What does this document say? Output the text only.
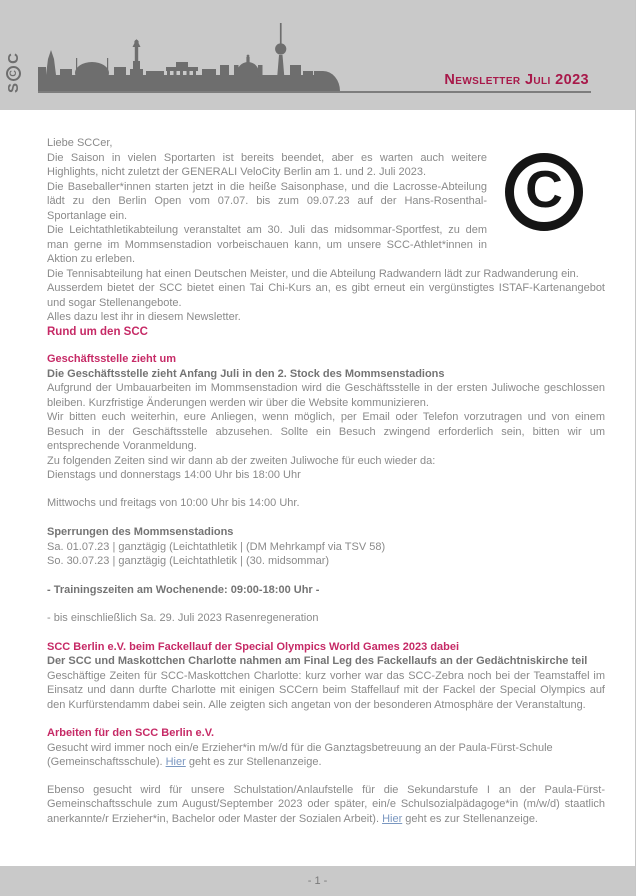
S
C
C
Newsletter Juli 2023

Liebe SCCer,

C

Die Saison in vielen Sportarten ist bereits beendet, aber es warten auch weitere Highlights, nicht zuletzt der GENERALI VeloCity Berlin am 1. und 2. Juli 2023.

Die Baseballer*innen starten jetzt in die heiße Saisonphase, und die Lacrosse-Abteilung lädt zu den Berlin Open vom 07.07. bis zum 09.07.23 auf der Hans-Rosenthal-Sportanlage ein.

Die Leichtathletikabteilung veranstaltet am 30. Juli das midsommar-Sportfest, zu dem man gerne im Mommsenstadion vorbeischauen kann, um unsere SCC-Athlet*innen in Aktion zu erleben.

Die Tennisabteilung hat einen Deutschen Meister, und die Abteilung Radwandern lädt zur Radwanderung ein.

Ausserdem bietet der SCC bietet einen Tai Chi-Kurs an, es gibt erneut ein vergünstigtes ISTAF-Kartenangebot und sogar Stellenangebote.

Alles dazu lest ihr in diesem Newsletter.

Rund um den SCC

Geschäftsstelle zieht um

Die Geschäftsstelle zieht Anfang Juli in den 2. Stock des Mommsenstadions

Aufgrund der Umbauarbeiten im Mommsenstadion wird die Geschäftsstelle in der ersten Juliwoche geschlossen bleiben. Kurzfristige Änderungen werden wir über die Website kommunizieren.

Wir bitten euch weiterhin, eure Anliegen, wenn möglich, per Email oder Telefon vorzutragen und von einem Besuch in der Geschäftsstelle abzusehen. Sollte ein Besuch zwingend erforderlich sein, bitten wir um entsprechende Voranmeldung.

Zu folgenden Zeiten sind wir dann ab der zweiten Juliwoche für euch wieder da:

Dienstags und donnerstags 14:00 Uhr bis 18:00 Uhr

Mittwochs und freitags von 10:00 Uhr bis 14:00 Uhr.

Sperrungen des Mommsenstadions

Sa. 01.07.23 | ganztägig (Leichtathletik | (DM Mehrkampf via TSV 58)

So. 30.07.23 | ganztägig (Leichtathletik | (30. midsommar)

- Trainingszeiten am Wochenende: 09:00-18:00 Uhr -

- bis einschließlich Sa. 29. Juli 2023 Rasenregeneration

SCC Berlin e.V. beim Fackellauf der Special Olympics World Games 2023 dabei

Der SCC und Maskottchen Charlotte nahmen am Final Leg des Fackellaufs an der Gedächtniskirche teil

Geschäftige Zeiten für SCC-Maskottchen Charlotte: kurz vorher war das SCC-Zebra noch bei der Teamstaffel im Einsatz und dann durfte Charlotte mit einigen SCCern beim Staffellauf mit der Fackel der Special Olympics auf den Kurfürstendamm dabei sein. Alle zeigten sich angetan von der besonderen Atmosphäre der Veranstaltung.

Arbeiten für den SCC Berlin e.V.

Gesucht wird immer noch ein/e Erzieher*in m/w/d für die Ganztagsbetreuung an der Paula-Fürst-Schule (Gemeinschaftsschule). Hier geht es zur Stellenanzeige.

Ebenso gesucht wird für unsere Schulstation/Anlaufstelle für die Sekundarstufe I an der Paula-Fürst-Gemeinschaftsschule zum August/September 2023 oder später, ein/e Schulsozialpädagoge*in (m/w/d) staatlich anerkannte/r Erzieher*in, Bachelor oder Master der Sozialen Arbeit). Hier geht es zur Stellenanzeige.

- 1 -
